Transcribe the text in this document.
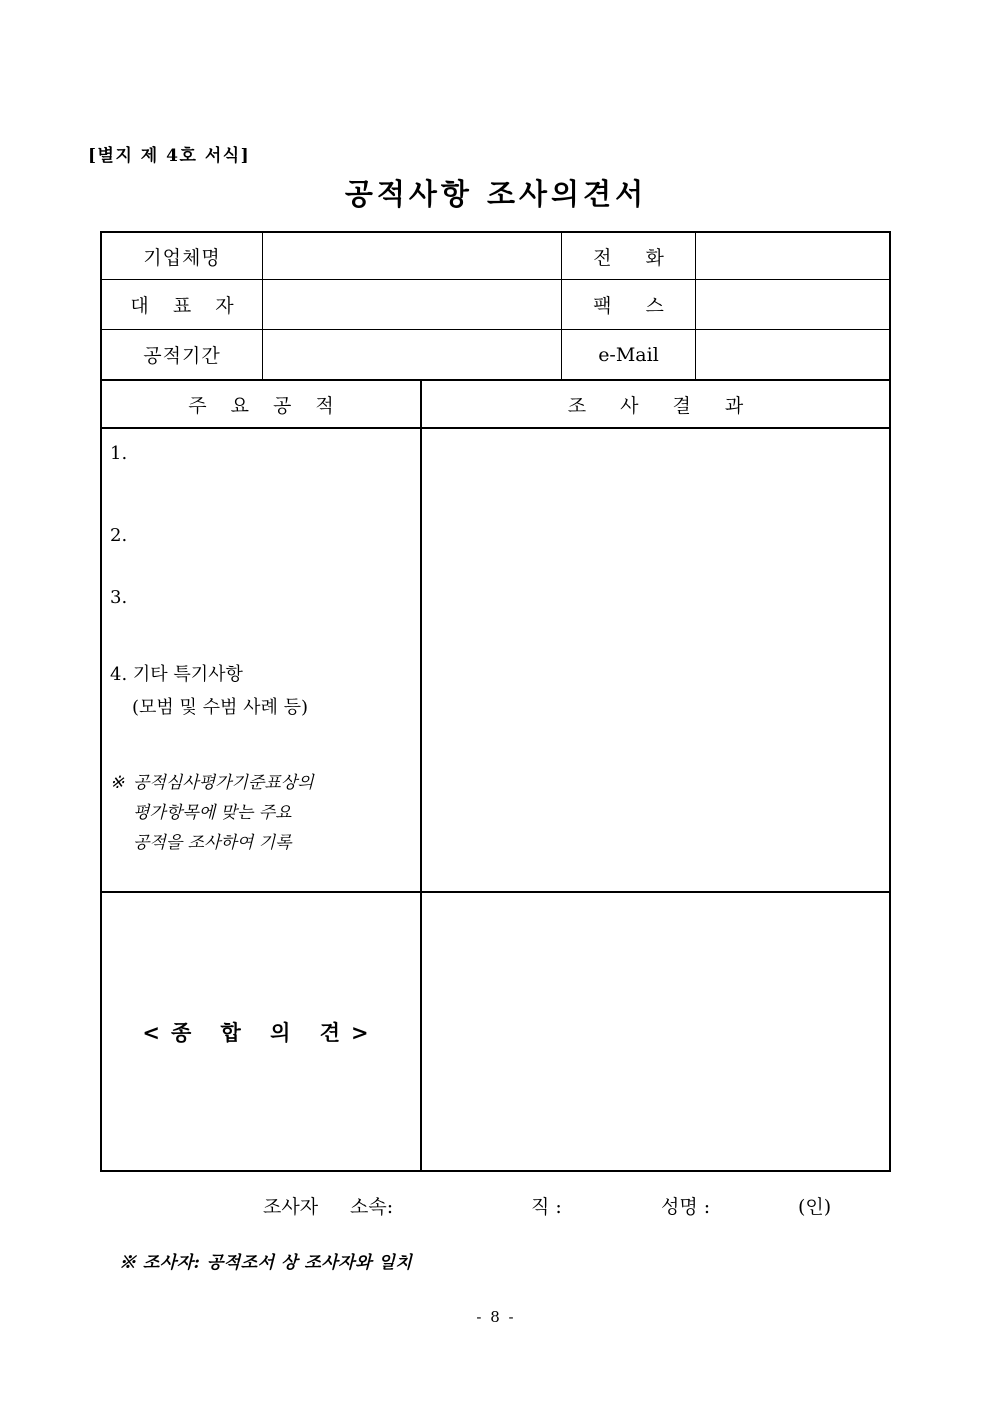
[별지 제 4호 서식]
공적사항 조사의견서
기업체명	전 화
대 표 자	팩 스
공적기간	e-Mail
주 요 공 적	조 사 결 과
1.
2.
3.
4. 기타 특기사항
(모범 및 수범 사례 등)
※ 공적심사평가기준표상의
평가항목에 맞는 주요
공적을 조사하여 기록
<종 합 의 견>
조사자 소속:	직 :	성명 :	(인)
※ 조사자: 공적조서 상 조사자와 일치
- 8 -
